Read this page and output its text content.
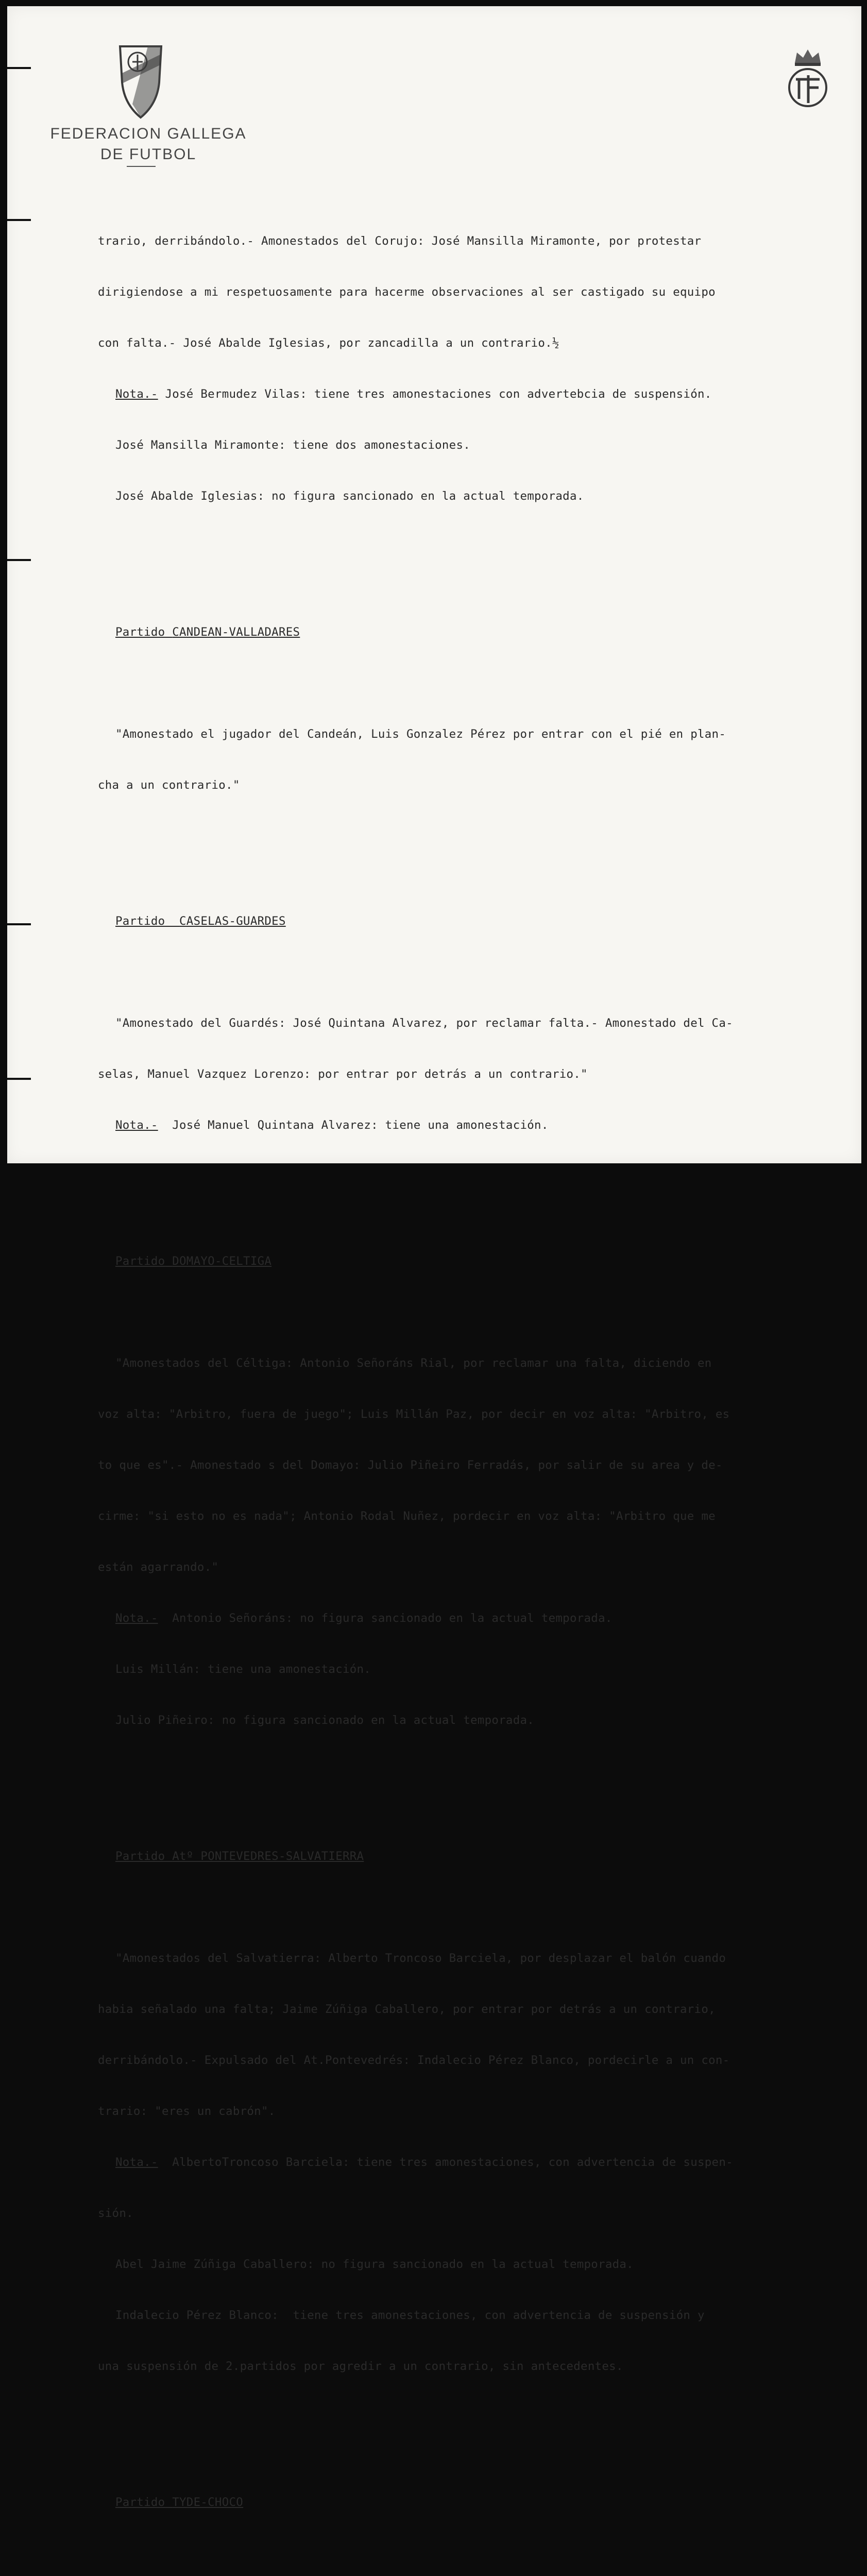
FEDERACION GALLEGA
DE FUTBOL

trario, derribándolo.- Amonestados del Corujo: José Mansilla Miramonte, por protestar

dirigiendose a mi respetuosamente para hacerme observaciones al ser castigado su equipo

con falta.- José Abalde Iglesias, por zancadilla a un contrario.½

Nota.- José Bermudez Vilas: tiene tres amonestaciones con advertebcia de suspensión.

José Mansilla Miramonte: tiene dos amonestaciones.

José Abalde Iglesias: no figura sancionado en la actual temporada.

Partido CANDEAN-VALLADARES

"Amonestado el jugador del Candeán, Luis Gonzalez Pérez por entrar con el pié en plan-

cha a un contrario."

Partido CASELAS-GUARDES

"Amonestado del Guardés: José Quintana Alvarez, por reclamar falta.- Amonestado del Ca-

selas, Manuel Vazquez Lorenzo: por entrar por detrás a un contrario."

Nota.- José Manuel Quintana Alvarez: tiene una amonestación.

Partido DOMAYO-CELTIGA

"Amonestados del Céltiga: Antonio Señoráns Rial, por reclamar una falta, diciendo en

voz alta: "Arbitro, fuera de juego"; Luis Millán Paz, por decir en voz alta: "Arbitro, es

to que es".- Amonestado s del Domayo: Julio Piñeiro Ferradás, por salir de su area y de-

cirme: "si esto no es nada"; Antonio Rodal Nuñez, pordecir en voz alta: "Arbitro que me

están agarrando."

Nota.- Antonio Señoráns: no figura sancionado en la actual temporada.

Luis Millán: tiene una amonestación.

Julio Piñeiro: no figura sancionado en la actual temporada.

Partido Atº PONTEVEDRES-SALVATIERRA

"Amonestados del Salvatierra: Alberto Troncoso Barciela, por desplazar el balón cuando

habia señalado una falta; Jaime Zúñiga Caballero, por entrar por detrás a un contrario,

derribándolo.- Expulsado del At.Pontevedrés: Indalecio Pérez Blanco, pordecirle a un con-

trario: "eres un cabrón".

Nota.- AlbertoTroncoso Barciela: tiene tres amonestaciones, con advertencia de suspen-

sión.

Abel Jaime Zúñiga Caballero: no figura sancionado en la actual temporada.

Indalecio Pérez Blanco:  tiene tres amonestaciones, con advertencia de suspensión y

una suspensión de 2.partidos por agredir a un contrario, sin antecedentes.

Partido TYDE-CHOCO
